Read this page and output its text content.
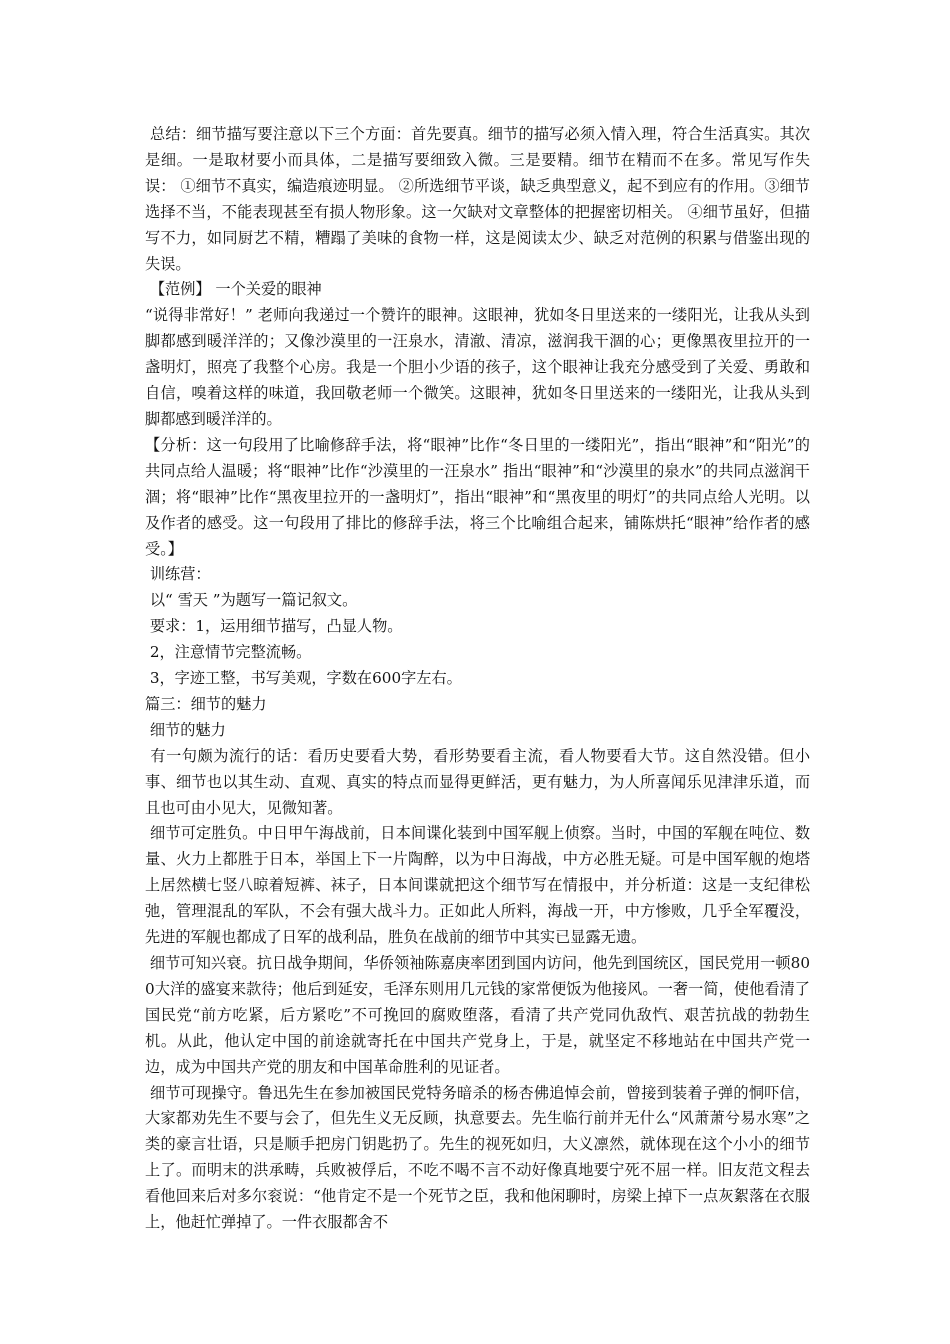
总结：细节描写要注意以下三个方面：首先要真。细节的描写必须入情入理，符合生活真实。其次是细。一是取材要小而具体，二是描写要细致入微。三是要精。细节在精而不在多。常见写作失误： ①细节不真实，编造痕迹明显。 ②所选细节平谈，缺乏典型意义，起不到应有的作用。③细节选择不当，不能表现甚至有损人物形象。这一欠缺对文章整体的把握密切相关。 ④细节虽好，但描写不力，如同厨艺不精，糟蹋了美味的食物一样，这是阅读太少、缺乏对范例的积累与借鉴出现的失误。

【范例】 一个关爱的眼神

“说得非常好！” 老师向我递过一个赞许的眼神。这眼神，犹如冬日里送来的一缕阳光，让我从头到脚都感到暖洋洋的；又像沙漠里的一汪泉水，清澈、清凉，滋润我干涸的心；更像黑夜里拉开的一盏明灯，照亮了我整个心房。我是一个胆小少语的孩子，这个眼神让我充分感受到了关爱、勇敢和自信，嗅着这样的味道，我回敬老师一个微笑。这眼神，犹如冬日里送来的一缕阳光，让我从头到脚都感到暖洋洋的。

【分析：这一句段用了比喻修辞手法，将“眼神”比作“冬日里的一缕阳光”，指出“眼神”和“阳光”的共同点给人温暖；将“眼神”比作“沙漠里的一汪泉水” 指出“眼神”和“沙漠里的泉水”的共同点滋润干涸；将“眼神”比作“黑夜里拉开的一盏明灯”，指出“眼神”和“黑夜里的明灯”的共同点给人光明。以及作者的感受。这一句段用了排比的修辞手法，将三个比喻组合起来，铺陈烘托“眼神”给作者的感受。】

训练营：

以“ 雪天 ”为题写一篇记叙文。

要求：1，运用细节描写，凸显人物。

2，注意情节完整流畅。

3，字迹工整，书写美观，字数在600字左右。

篇三：细节的魅力

细节的魅力

有一句颇为流行的话：看历史要看大势，看形势要看主流，看人物要看大节。这自然没错。但小事、细节也以其生动、直观、真实的特点而显得更鲜活，更有魅力，为人所喜闻乐见津津乐道，而且也可由小见大，见微知著。

细节可定胜负。中日甲午海战前，日本间谍化装到中国军舰上侦察。当时，中国的军舰在吨位、数量、火力上都胜于日本，举国上下一片陶醉，以为中日海战，中方必胜无疑。可是中国军舰的炮塔上居然横七竖八晾着短裤、袜子，日本间谍就把这个细节写在情报中，并分析道：这是一支纪律松弛，管理混乱的军队，不会有强大战斗力。正如此人所料，海战一开，中方惨败，几乎全军覆没，先进的军舰也都成了日军的战利品，胜负在战前的细节中其实已显露无遗。

细节可知兴衰。抗日战争期间，华侨领袖陈嘉庚率团到国内访问，他先到国统区，国民党用一顿800大洋的盛宴来款待；他后到延安，毛泽东则用几元钱的家常便饭为他接风。一奢一简，使他看清了国民党“前方吃紧，后方紧吃”不可挽回的腐败堕落，看清了共产党同仇敌忾、艰苦抗战的勃勃生机。从此，他认定中国的前途就寄托在中国共产党身上，于是，就坚定不移地站在中国共产党一边，成为中国共产党的朋友和中国革命胜利的见证者。

细节可现操守。鲁迅先生在参加被国民党特务暗杀的杨杏佛追悼会前，曾接到装着子弹的恫吓信，大家都劝先生不要与会了，但先生义无反顾，执意要去。先生临行前并无什么“风萧萧兮易水寒”之类的豪言壮语，只是顺手把房门钥匙扔了。先生的视死如归，大义凛然，就体现在这个小小的细节上了。而明末的洪承畴，兵败被俘后，不吃不喝不言不动好像真地要宁死不屈一样。旧友范文程去看他回来后对多尔衮说：“他肯定不是一个死节之臣，我和他闲聊时，房梁上掉下一点灰絮落在衣服上，他赶忙弹掉了。一件衣服都舍不
